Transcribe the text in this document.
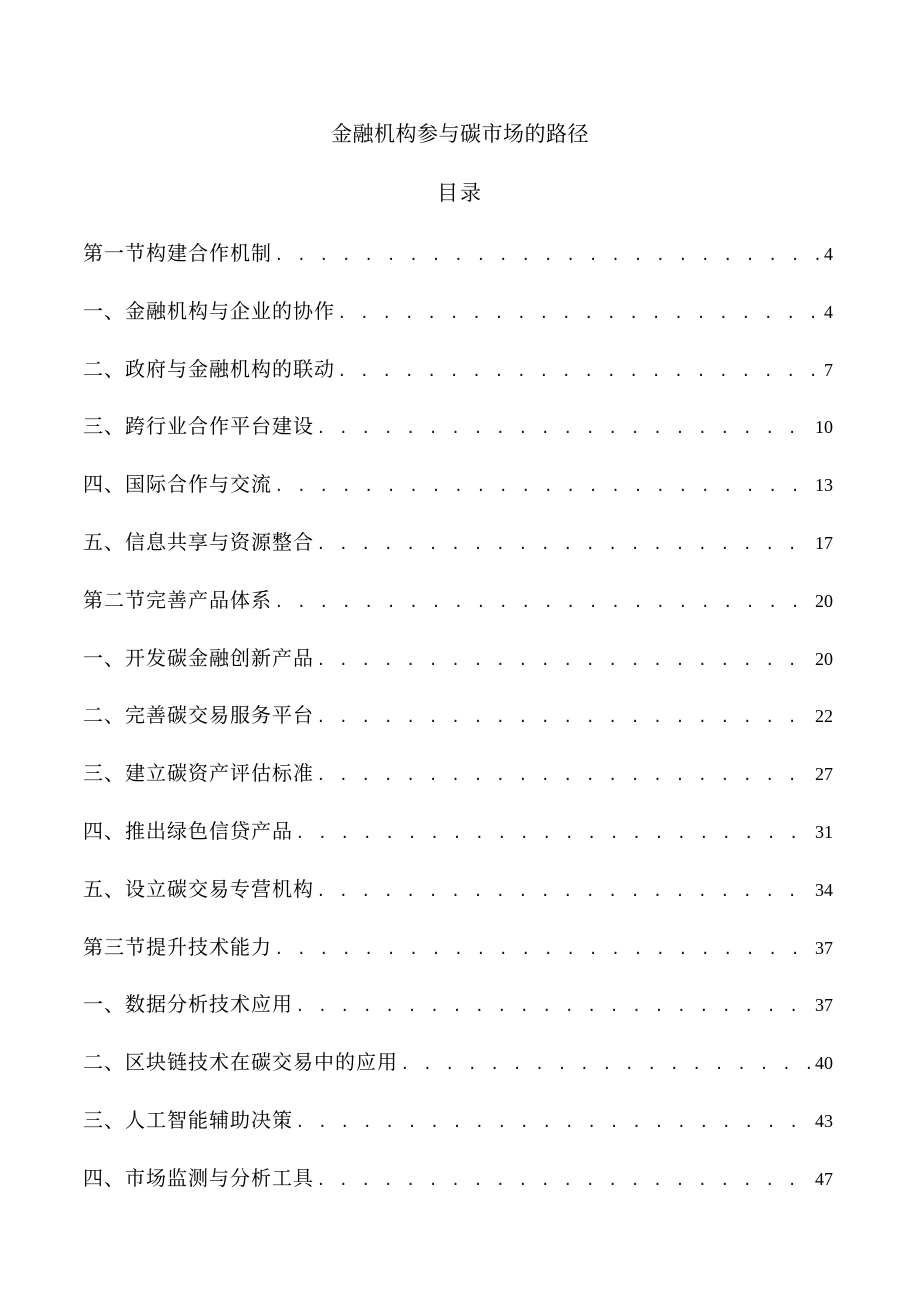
金融机构参与碳市场的路径
目录
第一节构建合作机制 . . .	4
一、金融机构与企业的协作 . . .	4
二、政府与金融机构的联动 . . .	7
三、跨行业合作平台建设 . . .	10
四、国际合作与交流 . . .	13
五、信息共享与资源整合 . . .	17
第二节完善产品体系 . . .	20
一、开发碳金融创新产品 . . .	20
二、完善碳交易服务平台 . . .	22
三、建立碳资产评估标准 . . .	27
四、推出绿色信贷产品 . . .	31
五、设立碳交易专营机构 . . .	34
第三节提升技术能力 . . .	37
一、数据分析技术应用 . . .	37
二、区块链技术在碳交易中的应用 . . .	40
三、人工智能辅助决策 . . .	43
四、市场监测与分析工具 . . .	47
